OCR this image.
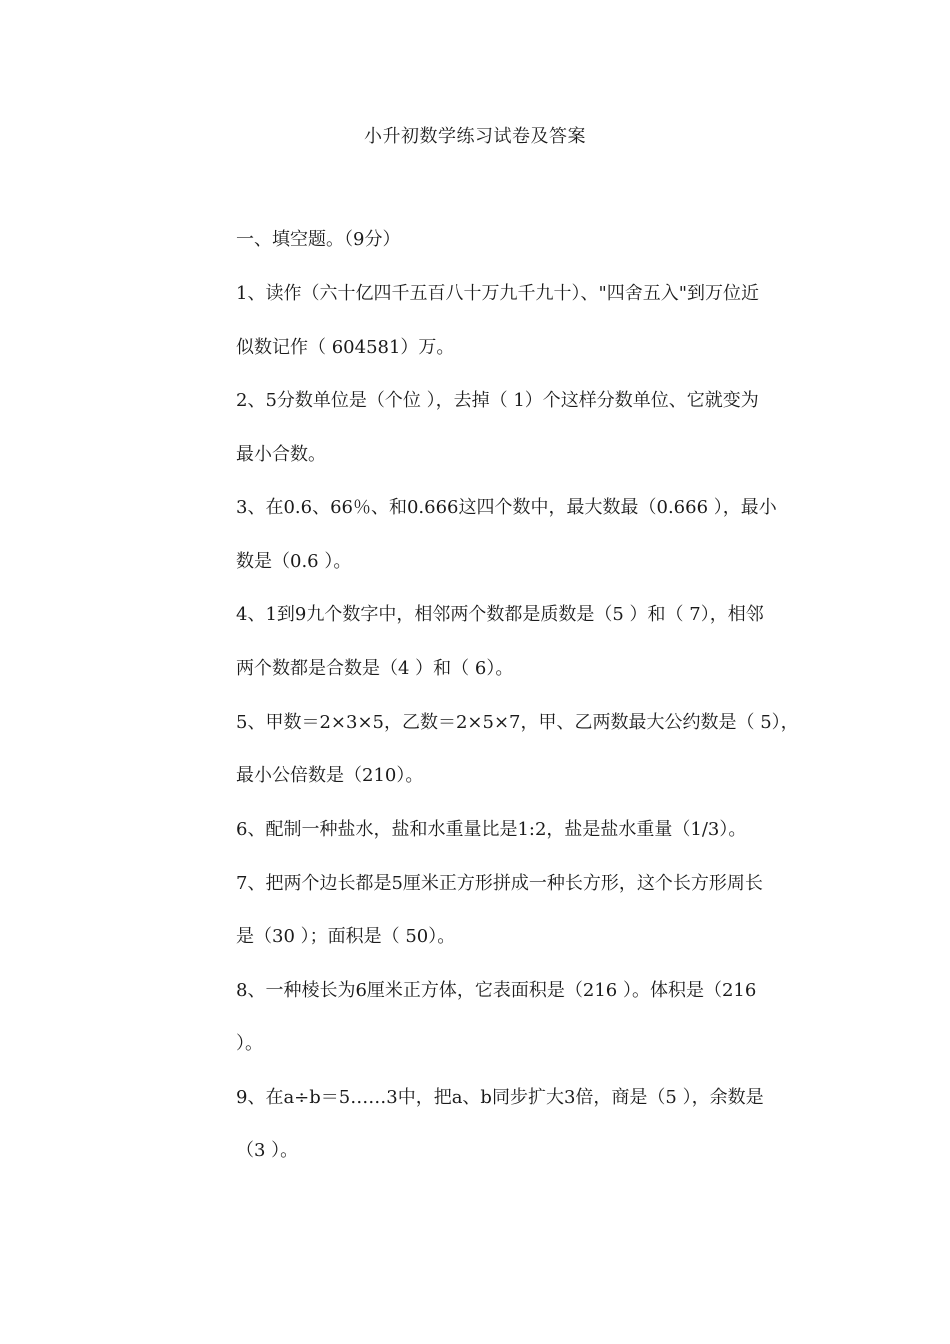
小升初数学练习试卷及答案
一、填空题。（9分）
1、读作（六十亿四千五百八十万九千九十）、"四舍五入"到万位近
似数记作（ 604581）万。
2、5分数单位是（个位 ），去掉（ 1）个这样分数单位、它就变为
最小合数。
3、在0.6、66％、和0.666这四个数中，最大数最（0.666 ），最小
数是（0.6 ）。
4、1到9九个数字中，相邻两个数都是质数是（5 ）和（ 7），相邻
两个数都是合数是（4 ）和（ 6）。
5、甲数＝2×3×5，乙数＝2×5×7，甲、乙两数最大公约数是（ 5），
最小公倍数是（210）。
6、配制一种盐水，盐和水重量比是1:2，盐是盐水重量（1/3）。
7、把两个边长都是5厘米正方形拼成一种长方形，这个长方形周长
是（30 ）；面积是（ 50）。
8、一种棱长为6厘米正方体，它表面积是（216 ）。体积是（216
）。
9、在a÷b＝5……3中，把a、b同步扩大3倍，商是（5 ），余数是
（3 ）。
